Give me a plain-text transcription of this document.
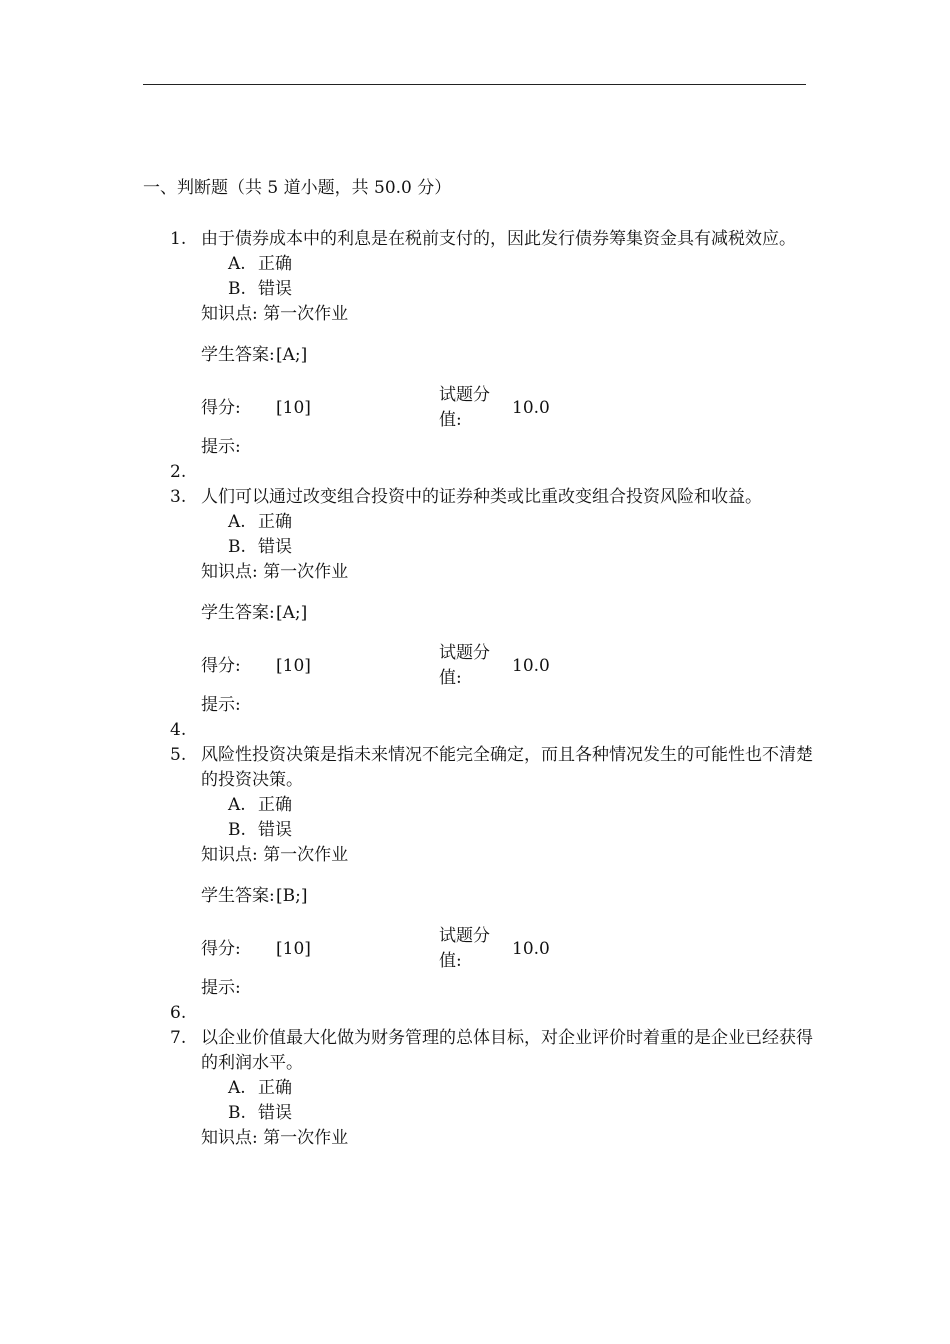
一、判断题（共 5 道小题，共 50.0 分）
1. 由于债券成本中的利息是在税前支付的，因此发行债券筹集资金具有减税效应。
A. 正确
B. 错误
知识点: 第一次作业
学生答案: [A;]
得分:	[10]
试题分值:
10.0
提示:
2.
3. 人们可以通过改变组合投资中的证券种类或比重改变组合投资风险和收益。
A. 正确
B. 错误
知识点: 第一次作业
学生答案: [A;]
得分:	[10]
试题分值:
10.0
提示:
4.
5. 风险性投资决策是指未来情况不能完全确定，而且各种情况发生的可能性也不清楚的投资决策。
A. 正确
B. 错误
知识点: 第一次作业
学生答案: [B;]
得分:	[10]
试题分值:
10.0
提示:
6.
7. 以企业价值最大化做为财务管理的总体目标，对企业评价时着重的是企业已经获得的利润水平。
A. 正确
B. 错误
知识点: 第一次作业
